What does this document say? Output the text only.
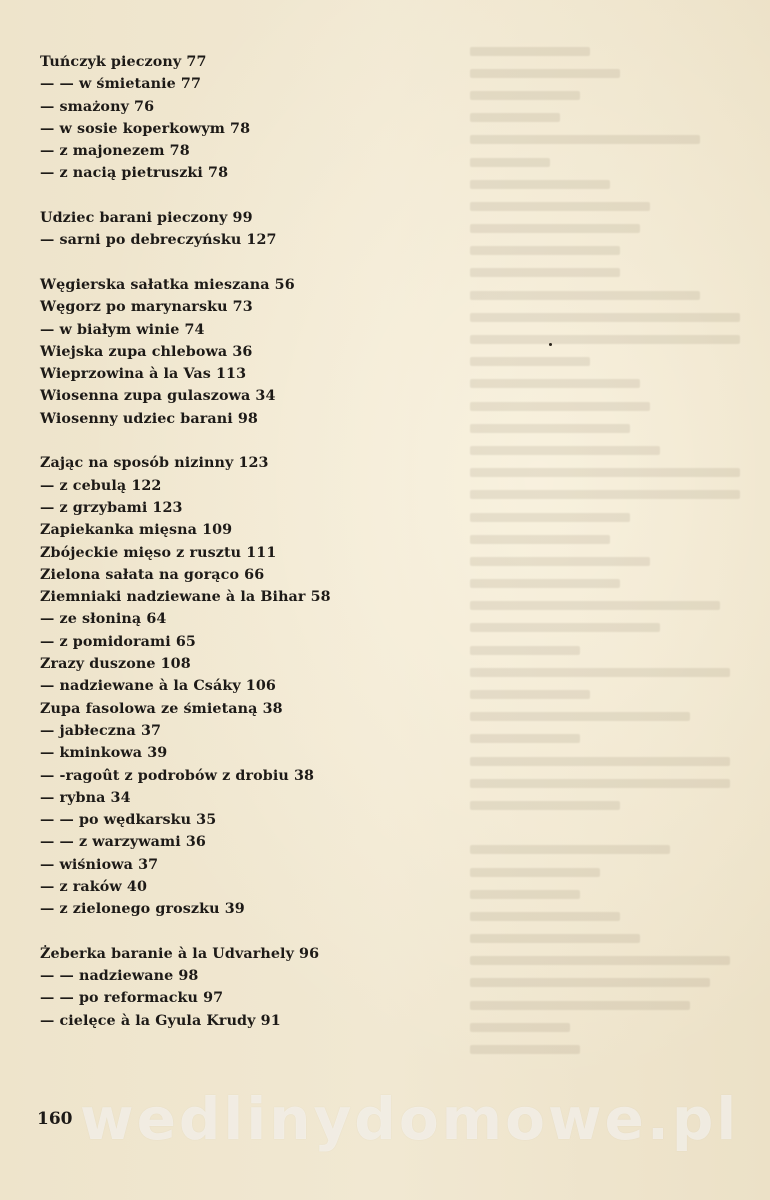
Tuńczyk pieczony 77
— — w śmietanie 77
— smażony 76
— w sosie koperkowym 78
— z majonezem 78
— z nacią pietruszki 78
Udziec barani pieczony 99
— sarni po debreczyńsku 127
Węgierska sałatka mieszana 56
Węgorz po marynarsku 73
— w białym winie 74
Wiejska zupa chlebowa 36
Wieprzowina à la Vas 113
Wiosenna zupa gulaszowa 34
Wiosenny udziec barani 98
Zając na sposób nizinny 123
— z cebulą 122
— z grzybami 123
Zapiekanka mięsna 109
Zbójeckie mięso z rusztu 111
Zielona sałata na gorąco 66
Ziemniaki nadziewane à la Bihar 58
— ze słoniną 64
— z pomidorami 65
Zrazy duszone 108
— nadziewane à la Csáky 106
Zupa fasolowa ze śmietaną 38
— jabłeczna 37
— kminkowa 39
— -ragoût z podrobów z drobiu 38
— rybna 34
— — po wędkarsku 35
— — z warzywami 36
— wiśniowa 37
— z raków 40
— z zielonego groszku 39
Żeberka baranie à la Udvarhely 96
— — nadziewane 98
— — po reformacku 97
— cielęce à la Gyula Krudy 91
160 wedlinydomowe.pl
